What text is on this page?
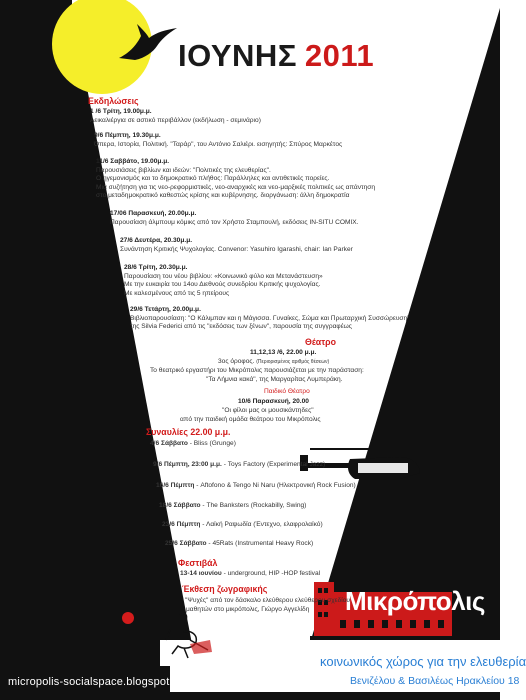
Μικρόπολις
ΙΟΥΝΗΣ 2011
Εκδηλώσεις
1 /6 Τρίτη, 19.00μ.μ.
Αεικαλιέργια σε αστικό περιβάλλον (εκδήλωση - σεμινάριο)
9/6 Πέμπτη, 19.30μ.μ.
Όπερα, Ιστορία, Πολιτική. "Ταράρ", του Αντόνιο Σαλιέρι. εισηγητής: Σπύρος Μαρκέτος
11/6 Σαββάτο, 19.00μ.μ.
Παρουσιάσεις βιβλίων και ιδεών: "Πολιτικές της ελευθερίας".
Ο ηγεμονισμός και το δημοκρατικό πλήθος: Παράλληλες και αντιθετικές πορείες.
Μια συζήτηση για τις νεο-ρεφορμιστικές, νεο-αναρχικές και νεο-μαρξικές πολιτικές ως απάντηση
στο μεταδημοκρατικό καθεστώς κρίσης και κυβέρνησης. διοργάνωση: άλλη δημοκρατία
17/06 Παρασκευή, 20.00μ.μ.
Παρουσίαση άλμπουμ κόμικς από τον Χρήστο Σταμπουλή, εκδόσεις IN-SITU COMIX.
27/6 Δευτέρα, 20.30μ.μ.
Συνάντηση Κριτικής Ψυχολογίας. Convenor: Yasuhiro Igarashi, chair: Ian Parker
28/6 Τρίτη, 20.30μ.μ.
Παρουσίαση του νέου βιβλίου: «Κοινωνικό φύλο και Μετανάστευση»
Με την ευκαιρία του 14ου Διεθνούς συνεδρίου Κριτικής ψυχολογίας.
Με καλεσμένους από τις 5 ηπείρους
29/6 Τετάρτη, 20.00μ.μ.
Βιβλιοπαρουσίαση: "Ο Κάλιμπαν και η Μάγισσα. Γυναίκες, Σώμα και Πρωταρχική Συσσώρευση"
της Silvia Federici από τις "εκδόσεις των ξένων", παρουσία της συγγραφέως
Θέατρο
11,12,13 /6, 22.00 μ.μ.
3ος όροφος. (Περιορισμένος αριθμός θέσεων)
Το θεατρικό εργαστήρι του Μικρόπολις παρουσιάζεται με την παράσταση:
"Τα Λήμνια κακά", της Μαργαρίτας Λυμπεράκη.
Παιδικό Θέατρο
10/6 Παρασκευή, 20.00
"Οι φίλοι μας οι μουσικάντηδες"
από την παιδική ομάδα θεάτρου του Μικρόπολις
Συναυλίες 22.00 μ.μ.
4/6 Σάββατο - Bliss (Grunge)
9/6 Πέμπτη, 23:00 μ.μ. - Toys Factory (Experimental Jazz)
16/6 Πέμπτη - Aftofono & Tengo Ni Naru (Ηλεκτρονική Rock Fusion)
18/6 Σάββατο - The Banksters (Rockabilly, Swing)
23/6 Πέμπτη - Λαϊκή Ραψωδία (Έντεχνο, ελαφρολαϊκό)
25/6 Σάββατο - 45Rats (Instrumental Heavy Rock)
Φεστιβάλ
13-14 ιουνίου - underground, HIP -HOP festival
Έκθεση ζωγραφικής
"Ψυχές" από τον δάσκαλο ελεύθερου ελεύθερου σχεδίου
μαθητών στο μικρόπολις, Γιώργο Αγγελίδη
micropolis-socialspace.blogspot.com
κοινωνικός χώρος για την ελευθερία
Βενιζέλου & Βασιλέως Ηρακλείου 18
